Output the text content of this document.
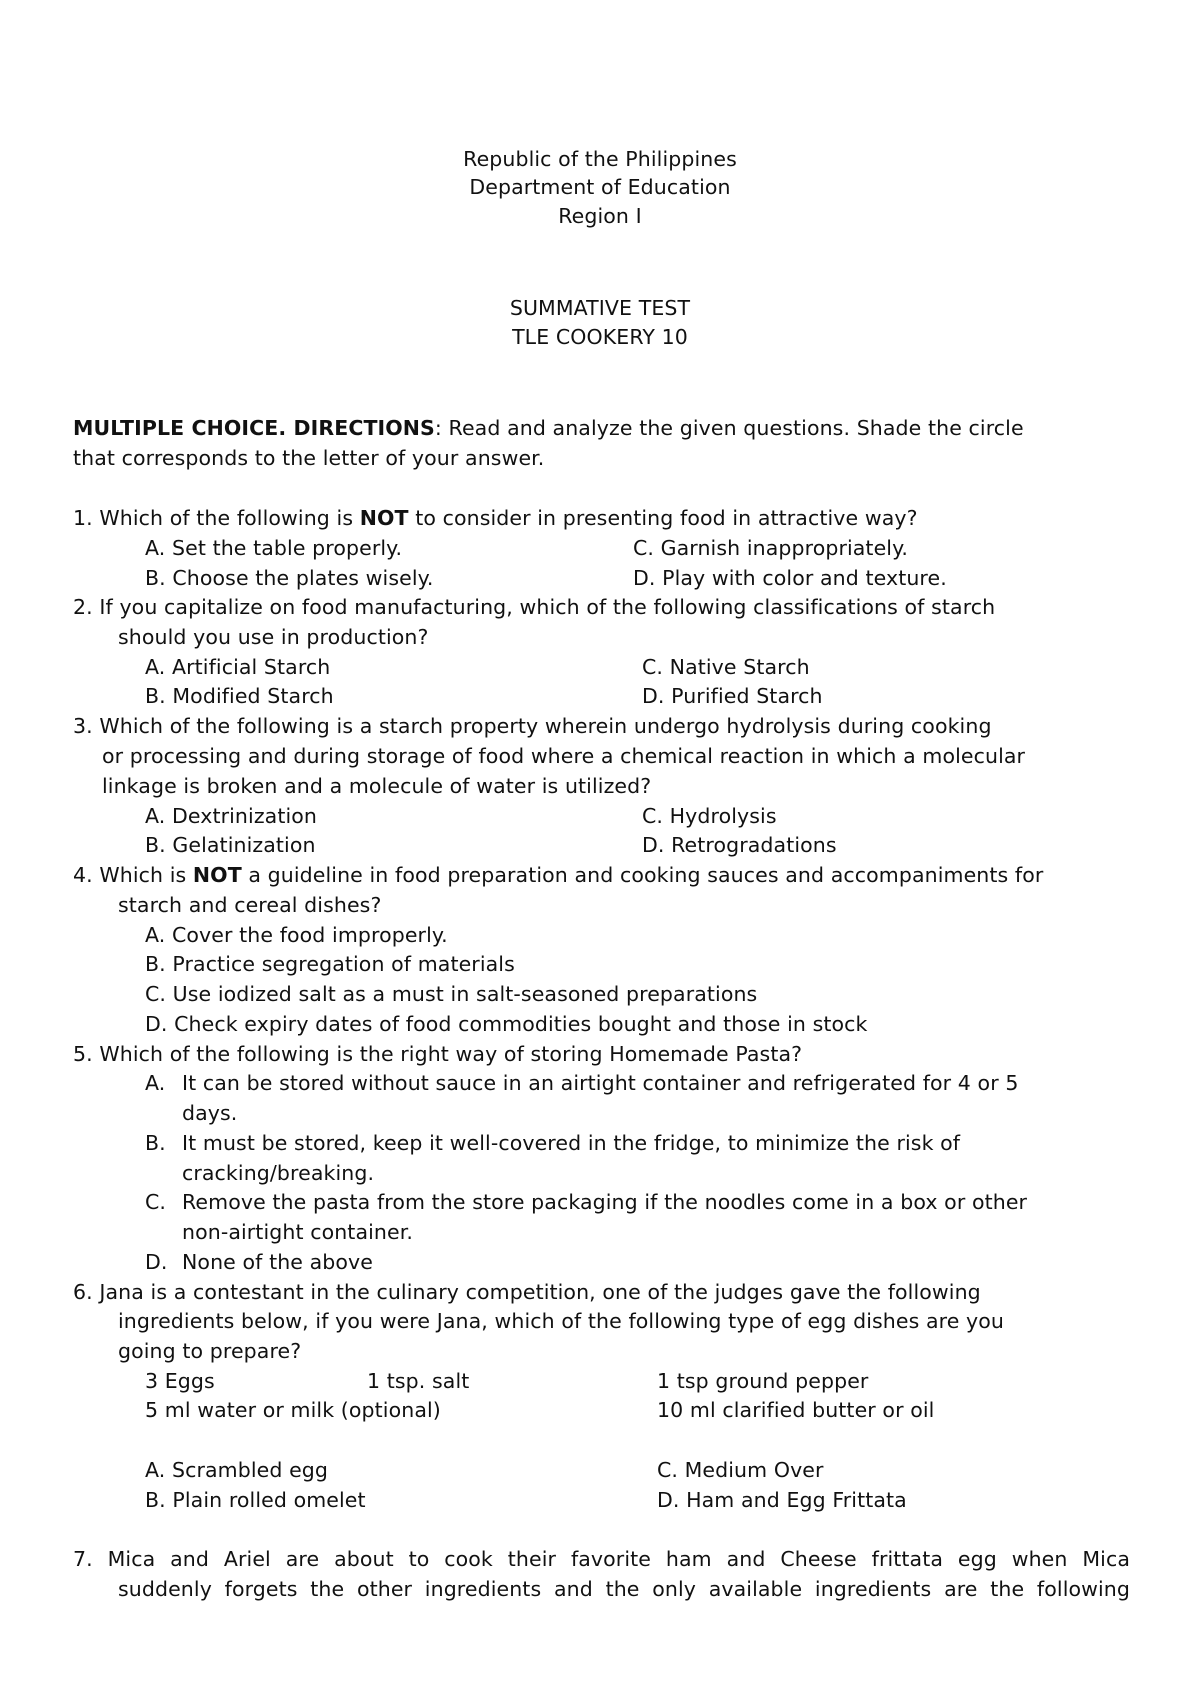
Republic of the Philippines
Department of Education
Region I
SUMMATIVE TEST
TLE COOKERY 10
MULTIPLE CHOICE. DIRECTIONS: Read and analyze the given questions. Shade the circle
that corresponds to the letter of your answer.
1. Which of the following is NOT to consider in presenting food in attractive way?
A. Set the table properly.	C. Garnish inappropriately.
B. Choose the plates wisely.	D. Play with color and texture.
2. If you capitalize on food manufacturing, which of the following classifications of starch
should you use in production?
A. Artificial Starch	C. Native Starch
B. Modified Starch	D. Purified Starch
3. Which of the following is a starch property wherein undergo hydrolysis during cooking
or processing and during storage of food where a chemical reaction in which a molecular
linkage is broken and a molecule of water is utilized?
A. Dextrinization	C. Hydrolysis
B. Gelatinization	D. Retrogradations
4. Which is NOT a guideline in food preparation and cooking sauces and accompaniments for
starch and cereal dishes?
A. Cover the food improperly.
B. Practice segregation of materials
C. Use iodized salt as a must in salt-seasoned preparations
D. Check expiry dates of food commodities bought and those in stock
5. Which of the following is the right way of storing Homemade Pasta?
A. It can be stored without sauce in an airtight container and refrigerated for 4 or 5
days.
B. It must be stored, keep it well-covered in the fridge, to minimize the risk of
cracking/breaking.
C. Remove the pasta from the store packaging if the noodles come in a box or other
non-airtight container.
D. None of the above
6. Jana is a contestant in the culinary competition, one of the judges gave the following
ingredients below, if you were Jana, which of the following type of egg dishes are you
going to prepare?
3 Eggs	1 tsp. salt	1 tsp ground pepper
5 ml water or milk (optional)	10 ml clarified butter or oil
A. Scrambled egg	C. Medium Over
B. Plain rolled omelet	D. Ham and Egg Frittata
7. Mica and Ariel are about to cook their favorite ham and Cheese frittata egg when Mica
suddenly forgets the other ingredients and the only available ingredients are the following
